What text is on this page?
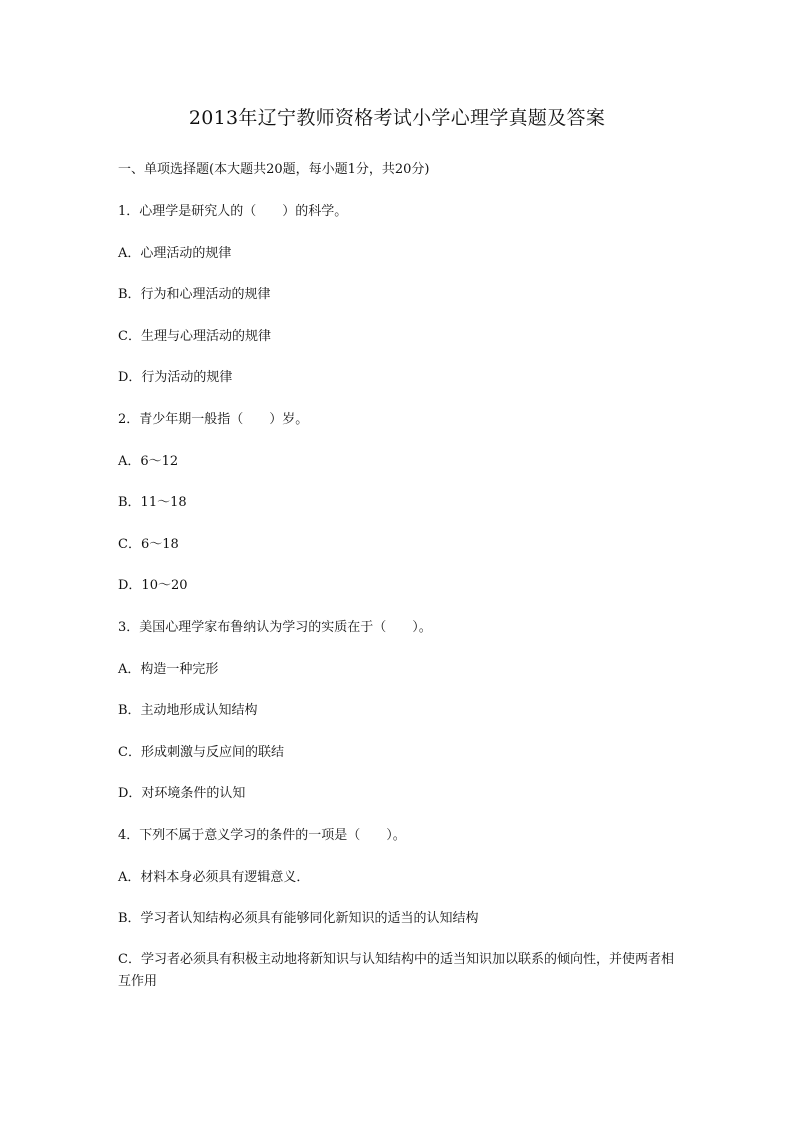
2013年辽宁教师资格考试小学心理学真题及答案
一、单项选择题(本大题共20题，每小题1分，共20分)
1．心理学是研究人的（　　）的科学。
A．心理活动的规律
B．行为和心理活动的规律
C．生理与心理活动的规律
D．行为活动的规律
2．青少年期一般指（　　）岁。
A．6～12
B．11～18
C．6～18
D．10～20
3．美国心理学家布鲁纳认为学习的实质在于（　　）。
A．构造一种完形
B．主动地形成认知结构
C．形成刺激与反应间的联结
D．对环境条件的认知
4．下列不属于意义学习的条件的一项是（　　）。
A．材料本身必须具有逻辑意义．
B．学习者认知结构必须具有能够同化新知识的适当的认知结构
C．学习者必须具有积极主动地将新知识与认知结构中的适当知识加以联系的倾向性，并使两者相互作用
